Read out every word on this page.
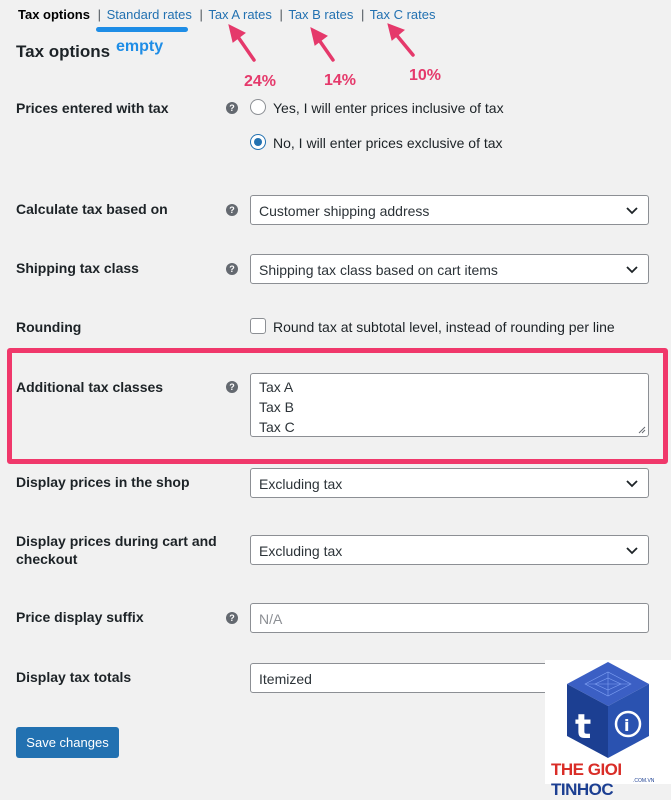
Tax options | Standard rates | Tax A rates | Tax B rates | Tax C rates
Tax options empty
24%	14%	10%
Prices entered with tax	?	Yes, I will enter prices inclusive of tax
No, I will enter prices exclusive of tax
Calculate tax based on	? Customer shipping address
Shipping tax class	? Shipping tax class based on cart items
Rounding	Round tax at subtotal level, instead of rounding per line
Additional tax classes	? Tax A
Tax B
Tax C
Display prices in the shop	Excluding tax
Display prices during cart and checkout	Excluding tax
Price display suffix	? N/A
Display tax totals	Itemized
Save changes	t i
THE GIOI TINHOC	.COM.VN
